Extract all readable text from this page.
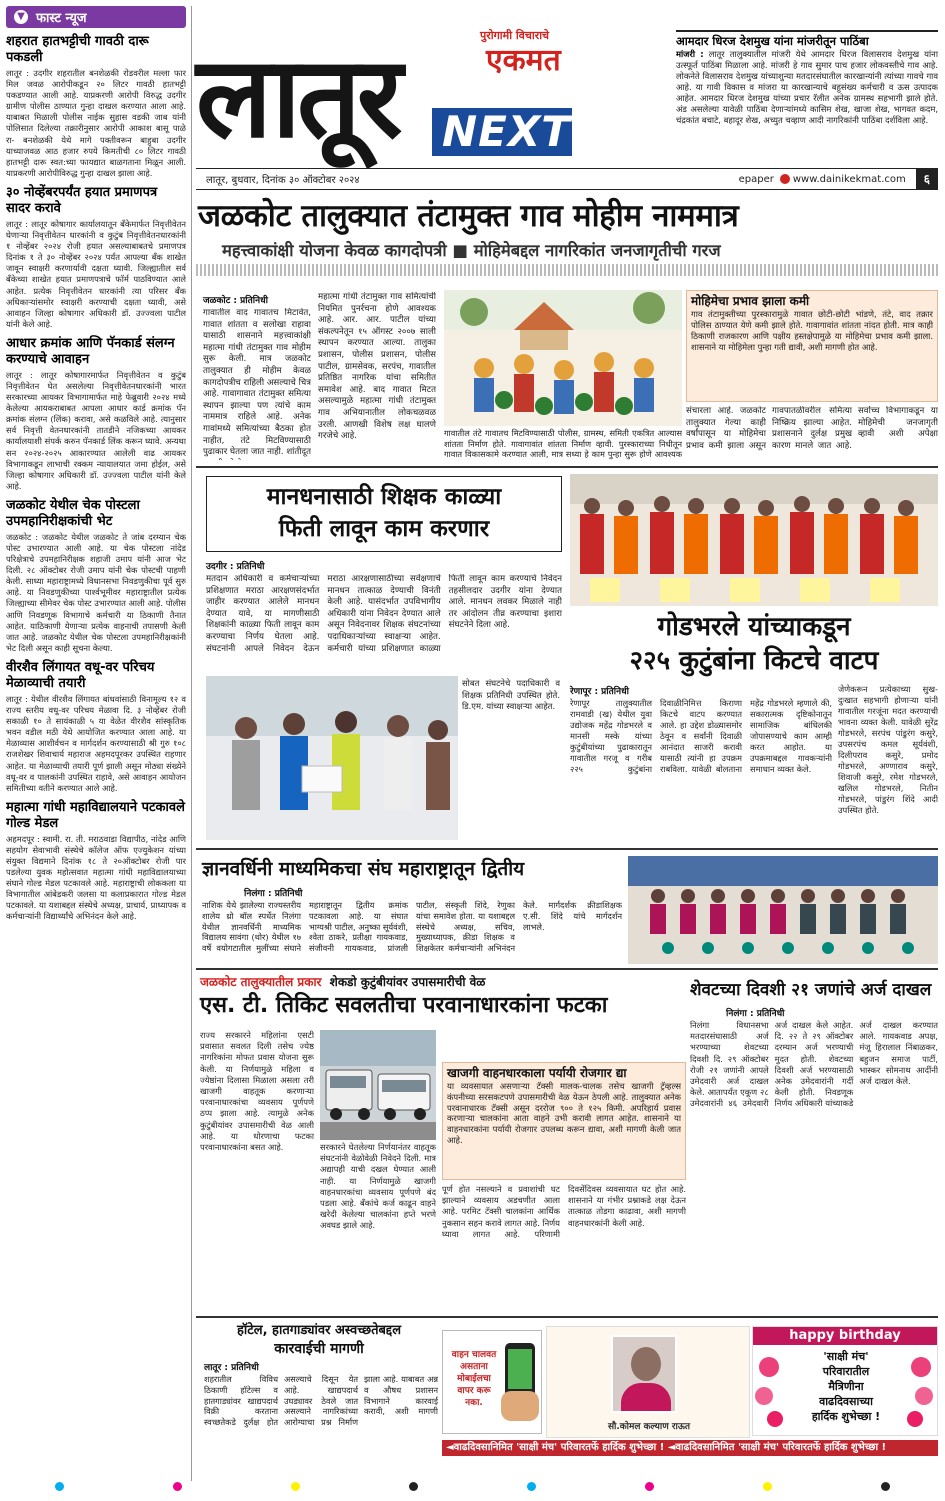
▼ फास्ट न्यूज
शहरात हातभट्टीची गावठी दारू पकडली
लातूर : उदगीर शहरातील बनशेळकी रोडवरील मल्ला फार मिल जवळ आरोपीकडून २० लिटर गावठी हातभट्टी पकडण्यात आली आहे. याप्रकरणी आरोपी विरुद्ध उदगीर ग्रामीण पोलीस ठाण्यात गुन्हा दाखल करण्यात आला आहे. याबाबत मिळाली पोलीस नाईक सुहास वडकी जाब यांनी पोलिसात दिलेल्या तक्रारीनुसार आरोपी आकाश बासू पाळे रा- बनशेळकी येथे मागे पक्तीवरून बाहुबा उदगीर याच्याजवळ आठ हजार रुपये किमतीची ८० लिटर गावठी हातभट्टी दारू स्वत:च्या फायद्यात बाळगताना मिळून आली. याप्रकरणी आरोपीविरुद्ध गुन्हा दाखल झाला आहे.
३० नोव्हेंबरपर्यंत हयात प्रमाणपत्र सादर करावे
लातूर : लातूर कोषागार कार्यालयातून बँकेमार्फत निवृत्तीवेतन घेणाऱ्या निवृत्तीवेतन धारकांनी व कुटुंब निवृत्तीवेतनधारकांनी १ नोव्हेंबर २०२४ रोजी हयात असल्याबाबतचे प्रमाणपत्र दिनांक १ ते ३० नोव्हेंबर २०२४ पर्यंत आपल्या बँक शाखेत जावून स्वाक्षरी करणार्यावी दक्षता घ्यावी. जिल्ह्यातील सर्व बँकेच्या शाखेत हयात प्रमाणपत्राचे फॉर्म पाठविण्यात आले आहेत. प्रत्येक निवृत्तीवेतन धारकांनी त्या परिसर बँक अधिकाऱ्यांसमोर स्वाक्षरी करण्याची दक्षता घ्यावी, असे आवाहन जिल्हा कोषागार अधिकारी डॉ. उज्ज्वला पाटील यांनी केले आहे.
आधार क्रमांक आणि पॅनकार्ड संलग्न करण्याचे आवाहन
लातूर : लातूर कोषागारमार्फत निवृत्तीवेतन व कुटुंब निवृत्तीवेतन घेत असलेल्या निवृत्तीवेतनधारकांनी भारत सरकारच्या आयकर विभागामार्फत माहे फेब्रुवारी २०२४ मध्ये केलेल्या आयकराबाबत आपला आधार कार्ड क्रमांक पॅन क्रमांक संलग्न (लिंक) करावा, असे कळविले आहे. त्यानुसार सर्व निवृत्ती वेतनधारकांनी तातडीने नजिकच्या आयकर कार्यालयाशी संपर्क करुन पॅनकार्ड लिंक करून घ्यावे. अन्यथा सन २०२४-२०२५ आकारण्यात आलेली वाढ आयकर विभागाकडून लाभाची रक्कम न्यायालयात जमा होईल, असे जिल्हा कोषागार अधिकारी डॉ. उज्ज्वला पाटील यांनी केले आहे.
जळकोट येथील चेक पोस्टला उपमहानिरीक्षकांची भेट
जळकोट : जळकोट येथील जळकोट ते जांब दरम्यान चेक पोस्ट उभारण्यात आली आहे. या चेक पोस्टला नांदेड परिक्षेत्राचे उपमहानिरीक्षक शहाजी उमाप यांनी आज भेट दिली. २८ ऑक्टोबर रोजी उमाप यांनी चेक पोस्टची पाहणी केली. साध्या महाराष्ट्रामध्ये विधानसभा निवडणुकीचा पूर्व सुरु आहे. या निवडणुकीच्या पार्श्वभूमीवर महाराष्ट्रातील प्रत्येक जिल्ह्याच्या सीमेवर चेक पोस्ट उभारण्यात आली आहे. पोलीस आणि निवडणूक विभागाचे कर्मचारी या ठिकाणी तैनात आहेत. याठिकाणी येणाऱ्या प्रत्येक वाहनाची तपासणी केली जात आहे. जळकोट येथील चेक पोस्टला उपमहानिरीक्षकांनी भेट दिली असून काही सूचना केल्या.
वीरशैव लिंगायत वधू-वर परिचय मेळाव्याची तयारी
लातूर : येथील वीरशैव लिंगायत बांधवांसाठी विनामूल्य १२ व राज्य स्तरीय वधू-वर परिचय मेळावा दि. ३ नोव्हेंबर रोजी सकाळी १० ते सायंकाळी ५ या वेळेत वीरशैव सांस्कृतिक भवन वडील मठी येथे आयोजित करण्यात आला आहे. या मेळाव्यास आशीर्वचन व मार्गदर्शन करण्यासाठी श्री गुरु १०८ राजशेखर शिवाचार्य महाराज अहमदपूरकर उपस्थित राहणार आहेत. या मेळाव्याची तयारी पूर्ण झाली असून मोठ्या संख्येने वधू-वर व पालकांनी उपस्थित राहावे, असे आवाहन आयोजन समितीच्या वतीने करण्यात आले आहे.
महात्मा गांधी महाविद्यालयाने पटकावले गोल्ड मेडल
अहमदपूर : स्वामी. रा. ती. मराठवाडा विद्यापीठ, नांदेड आणि सहयोग सेवाभावी संस्थेचे कॉलेज ऑफ एज्युकेशन यांच्या संयुक्त विद्यमाने दिनांक १८ ते २०ऑक्टोबर रोजी पार पडलेल्या युवक महोत्सवात महात्मा गांधी महाविद्यालयाच्या संघाने गोल्ड मेडल पटकावले आहे. महाराष्ट्राची लोककला या विभागातील आंबेडकरी जलसा या कलाप्रकारात गोल्ड मेडल पटकावले. या यशाबद्दल संस्थेचे अध्यक्ष, प्राचार्य, प्राध्यापक व कर्मचाऱ्यांनी विद्यार्थ्यांचे अभिनंदन केले आहे.
लातूर	NEXT
पुरोगामी विचाराचे
एकमत
आमदार धिरज देशमुख यांना मांजरीतून पाठिंबा
मांजरी : लातूर तालुक्यातील मांजरी येथे आमदार धिरज विलासराव देशमुख यांना उत्स्फूर्त पाठिंबा मिळाला आहे. मांजरी हे गाव सुमार पाच हजार लोकवस्तीचे गाव आहे. लोकनेते विलासराव देशमुख यांच्याशुन्या मतदारसंघातील कारखान्यांनी त्यांच्या गावचे गाव आहे. या गावी विकास व मांजरा या कारखान्याचे बहुसंख्य कर्मचारी व ऊस उत्पादक आहेत. आमदार धिरज देशमुख यांच्या प्रचार रॅलीत अनेक ग्रामस्थ सहभागी झाले होते. अंड असलेल्या यावेळी पाठिंबा देणाऱ्यांमध्ये कासिम शेख, खाजा शेख, भागवत कदम, चंद्रकांत बचाटे, बहादूर शेख, अच्युत चव्हाण आदी नागरिकांनी पाठिंबा दर्शविला आहे.
लातूर, बुधवार, दिनांक ३० ऑक्टोबर २०२४	epaper www.dainikekmat.com	६
जळकोट तालुक्यात तंटामुक्त गाव मोहीम नाममात्र
महत्त्वाकांक्षी योजना केवळ कागदोपत्री ■ मोहिमेबद्दल नागरिकांत जनजागृतीची गरज
जळकोट : प्रतिनिधी
गावातील वाद गावातच मिटावेत, गावात शांतता व सलोखा राहावा यासाठी शासनाने महत्त्वाकांक्षी महात्मा गांधी तंटामुक्त गाव मोहीम सुरू केली. मात्र जळकोट तालुक्यात ही मोहीम केवळ कागदोपत्रीच राहिली असल्याचे चित्र आहे. गावागावात तंटामुक्त समित्या स्थापन झाल्या पण त्यांचे काम नाममात्र राहिले आहे. अनेक गावांमध्ये समित्यांच्या बैठका होत नाहीत, तंटे मिटविण्यासाठी पुढाकार घेतला जात नाही. शांतीदूत
महात्मा गांधी तंटामुक्त गाव समित्यांची नियमित पुनर्रचना होणे आवश्यक आहे. आर. आर. पाटील यांच्या संकल्पनेतून १५ ऑगस्ट २००७ साली स्थापन करण्यात आल्या. तालुका प्रशासन, पोलीस प्रशासन, पोलीस पाटील, ग्रामसेवक, सरपंच, गावातील प्रतिष्ठित नागरिक यांचा समितीत समावेश आहे. बाद गावात मिटत असल्यामुळे महात्मा गांधी तंटामुक्त गाव अभियानातील लोकचळवळ उरली. आणखी विशेष लक्ष घालणे गरजेचे आहे.	गावातील तंटे गावातच मिटविण्यासाठी पोलीस, ग्रामस्थ, समिती एकत्रित आल्यास शांतता निर्माण होते. गावागावांत शांतता निर्माण व्हावी. पुरस्काराच्या निधीतून गावात विकासकामे करण्यात आली, मात्र सध्या हे काम पुन्हा सुरू होणे आवश्यक
मोहिमेचा प्रभाव झाला कमी
गाव तंटामुक्तीच्या पुरस्कारामुळे गावात छोटी-छोटी भांडणे, तंटे, वाद तक्रार पोलिस ठाण्यात येणे कमी झाले होते. गावागावांत शांतता नांदत होती. मात्र काही ठिकाणी राजकारण आणि पक्षीय हस्तक्षेपामुळे या मोहिमेचा प्रभाव कमी झाला. शासनाने या मोहिमेला पुन्हा गती द्यावी, अशी मागणी होत आहे.
संचारला आहे. जळकोट तालुक्यात गेल्या काही वर्षांपासून या मोहिमेचा प्रभाव कमी झाला असून गावपातळीवरील समित्या निष्क्रिय झाल्या आहेत. प्रशासनाने दुर्लक्ष प्रमुख कारण मानले जात आहे. सर्वोच्च विभागाकडून या मोहिमेची जनजागृती व्हावी अशी अपेक्षा
मानधनासाठी शिक्षक काळ्या
फिती लावून काम करणार
उदगीर : प्रतिनिधी
मतदान अधिकारी व कर्मचाऱ्यांच्या प्रशिक्षणात मराठा आरक्षणसंदर्भात जाहीर करण्यात आलेले मानधन देण्यात यावे, या मागणीसाठी शिक्षकांनी काळ्या फिती लावून काम करण्याचा निर्णय घेतला आहे. संघटनांनी आपले निवेदन देऊन मराठा आरक्षणासाठीच्या सर्वेक्षणाचे मानधन तात्काळ देण्याची विनंती केली आहे. यासंदर्भात उपविभागीय अधिकारी यांना निवेदन देण्यात आले असून निवेदनावर शिक्षक संघटनांच्या पदाधिकाऱ्यांच्या स्वाक्षऱ्या आहेत. कर्मचारी यांच्या प्रशिक्षणात काळ्या फिती लावून काम करण्याचे निवेदन तहसीलदार उदगीर यांना देण्यात आले. मानधन लवकर मिळाले नाही तर आंदोलन तीव्र करण्याचा इशारा संघटनेने दिला आहे.
सोबत संघटनेचे पदाधिकारी व शिक्षक प्रतिनिधी उपस्थित होते. डि.एम. यांच्या स्वाक्षऱ्या आहेत.
गोडभरले यांच्याकडून
२२५ कुटुंबांना किटचे वाटप
रेणापूर : प्रतिनिधी
रेणापूर तालुक्यातील रामवाडी (ख) येथील युवा उद्योजक महेंद्र गोडभरले व मानसी मस्के यांच्या कुटुंबीयांच्या पुढाकारातून गावातील गरजू व गरीब २२५ कुटुंबांना दिवाळीनिमित्त किराणा किटचे वाटप करण्यात आले. हा उद्देश डोळ्यासमोर ठेवून व सर्वांनी दिवाळी आनंदात साजरी करावी यासाठी त्यांनी हा उपक्रम राबविला. यावेळी बोलताना महेंद्र गोडभरले म्हणाले की, सकारात्मक दृष्टिकोनातून सामाजिक बांधिलकी जोपासण्याचे काम आम्ही करत आहोत. या उपक्रमाबद्दल गावकऱ्यांनी समाधान व्यक्त केले.
जेणेकरून प्रत्येकाच्या सुख-दुःखात सहभागी होणाऱ्या यांनी गावातील गरजूंना मदत करण्याची भावना व्यक्त केली. यावेळी सुरेंद्र गोडभरले, सरपंच पांडुरंग कसुरे, उपसरपंच कमल सूर्यवंशी, दिलीपराव कसुरे, प्रमोद गोडभरले, अण्णाराव कसुरे, शिवाजी कसुरे, रमेश गोडभरले, खलिल गोडभरले, नितीन गोडभरले, पांडुरंग शिंदे आदी उपस्थित होते.
ज्ञानवर्धिनी माध्यमिकचा संघ महाराष्ट्रातून द्वितीय
निलंगा : प्रतिनिधी
नाशिक येथे झालेल्या राज्यस्तरीय शालेय थ्रो बॉल स्पर्धेत निलंगा येथील ज्ञानवर्धिनी माध्यमिक विद्यालय सावंगा (थोर) येथील १७ वर्षे वयोगटातील मुलींच्या संघाने महाराष्ट्रातून द्वितीय क्रमांक पटकावला आहे. या संघात भाग्यश्री पाटील, अनुष्का सूर्यवंशी, श्वेता ठाकरे, प्रतीक्षा गायकवाड, संजीवनी गायकवाड, प्रांजली पाटील, संस्कृती शिंदे, रेणुका यांचा समावेश होता. या यशाबद्दल संस्थेचे अध्यक्ष, सचिव, मुख्याध्यापक, क्रीडा शिक्षक व शिक्षकेतर कर्मचाऱ्यांनी अभिनंदन केले. मार्गदर्शक क्रीडाशिक्षक ए.सी. शिंदे यांचे मार्गदर्शन लाभले.
जळकोट तालुक्यातील प्रकार शेकडो कुटुंबीयांवर उपासमारीची वेळ
एस. टी. तिकिट सवलतीचा परवानाधारकांना फटका
राज्य सरकारने महिलांना एसटी प्रवासात सवलत दिली तसेच ज्येष्ठ नागरिकांना मोफत प्रवास योजना सुरू केली. या निर्णयामुळे महिला व ज्येष्ठांना दिलासा मिळाला असला तरी खाजगी वाहतूक करणाऱ्या परवानाधारकांचा व्यवसाय पूर्णपणे ठप्प झाला आहे. त्यामुळे अनेक कुटुंबीयांवर उपासमारीची वेळ आली आहे. या धोरणाचा फटका परवानाधारकांना बसत आहे.	सरकारने घेतलेल्या निर्णयानंतर वाहतूक संघटनांनी वेळोवेळी निवेदने दिली. मात्र अद्यापही याची दखल घेण्यात आली नाही. या निर्णयामुळे खाजगी वाहनधारकांचा व्यवसाय पूर्णपणे बंद पडला आहे. बँकांचे कर्ज काढून वाहने खरेदी केलेल्या चालकांना हप्ते भरणे अवघड झाले आहे.
खाजगी वाहनधारकाला पर्यायी रोजगार द्या
या व्यवसायात असणाऱ्या टॅक्सी मालक-चालक तसेच खाजगी ट्रॅव्हल्स कंपनीच्या सरसकटपणे उपासमारीची वेळ येऊन ठेपली आहे. तालुक्यात अनेक परवानाधारक टॅक्सी असून दररोज ९०० ते १२५ किमी. अपरिहार्य प्रवास करणाऱ्या चालकांना आता वाहने उभी करावी लागत आहेत. शासनाने या वाहनधारकांना पर्यायी रोजगार उपलब्ध करून द्यावा, अशी मागणी केली जात आहे.
पूर्ण होत नसल्याने व प्रवाशांची घट झाल्याने व्यवसाय अडचणीत आला आहे. परमिट टॅक्सी चालकांना आर्थिक नुकसान सहन करावे लागत आहे. निर्णय घ्यावा लागत आहे. परिणामी दिवसेंदिवस व्यवसायात घट होत आहे. शासनाने या गंभीर प्रश्नाकडे लक्ष देऊन तात्काळ तोडगा काढावा, अशी मागणी वाहनधारकांनी केली आहे.
शेवटच्या दिवशी २१ जणांचे अर्ज दाखल
निलंगा : प्रतिनिधी
निलंगा विधानसभा मतदारसंघासाठी अर्ज भरण्याच्या शेवटच्या दिवशी दि. २९ ऑक्टोबर रोजी २१ जणांनी आपले उमेदवारी अर्ज दाखल केले. आतापर्यंत एकूण २८ उमेदवारांनी ४६ उमेदवारी अर्ज दाखल केले आहेत. दि. २२ ते २९ ऑक्टोबर दरम्यान अर्ज भरण्याची मुदत होती. शेवटच्या दिवशी अर्ज भरण्यासाठी अनेक उमेदवारांनी गर्दी केली होती. निवडणूक निर्णय अधिकारी यांच्याकडे अर्ज दाखल करण्यात आले. गायकवाड अपक्ष, मंजू हिरालाल निंबाळकर, बहुजन समाज पार्टी, भास्कर सोमनाथ आदींनी अर्ज दाखल केले.
हॉटेल, हातगाड्यांवर अस्वच्छतेबद्दल
कारवाईची मागणी
लातूर : प्रतिनिधी
शहरातील विविध ठिकाणी हॉटेल्स व हातगाड्यांवर खाद्यपदार्थ विक्री करताना स्वच्छतेकडे दुर्लक्ष होत असल्याचे दिसून येत आहे. खाद्यपदार्थ उघड्यावर ठेवले जात असल्याने नागरिकांच्या आरोग्याचा प्रश्न निर्माण झाला आहे. याबाबत अन्न व औषध प्रशासन विभागाने कारवाई करावी, अशी मागणी
वाहन चालवत असताना मोबाईलचा वापर करू नका.
सौ.कोमल कल्याण राऊत
happy birthday
'साक्षी मंच'
परिवारातील
मैत्रिणीना
वाढदिवसाच्या
हार्दिक शुभेच्छा !
◄वाढदिवसानिमित 'साक्षी मंच' परिवारतर्फे हार्दिक शुभेच्छा ! ◄वाढदिवसानिमित 'साक्षी मंच' परिवारतर्फे हार्दिक शुभेच्छा !
